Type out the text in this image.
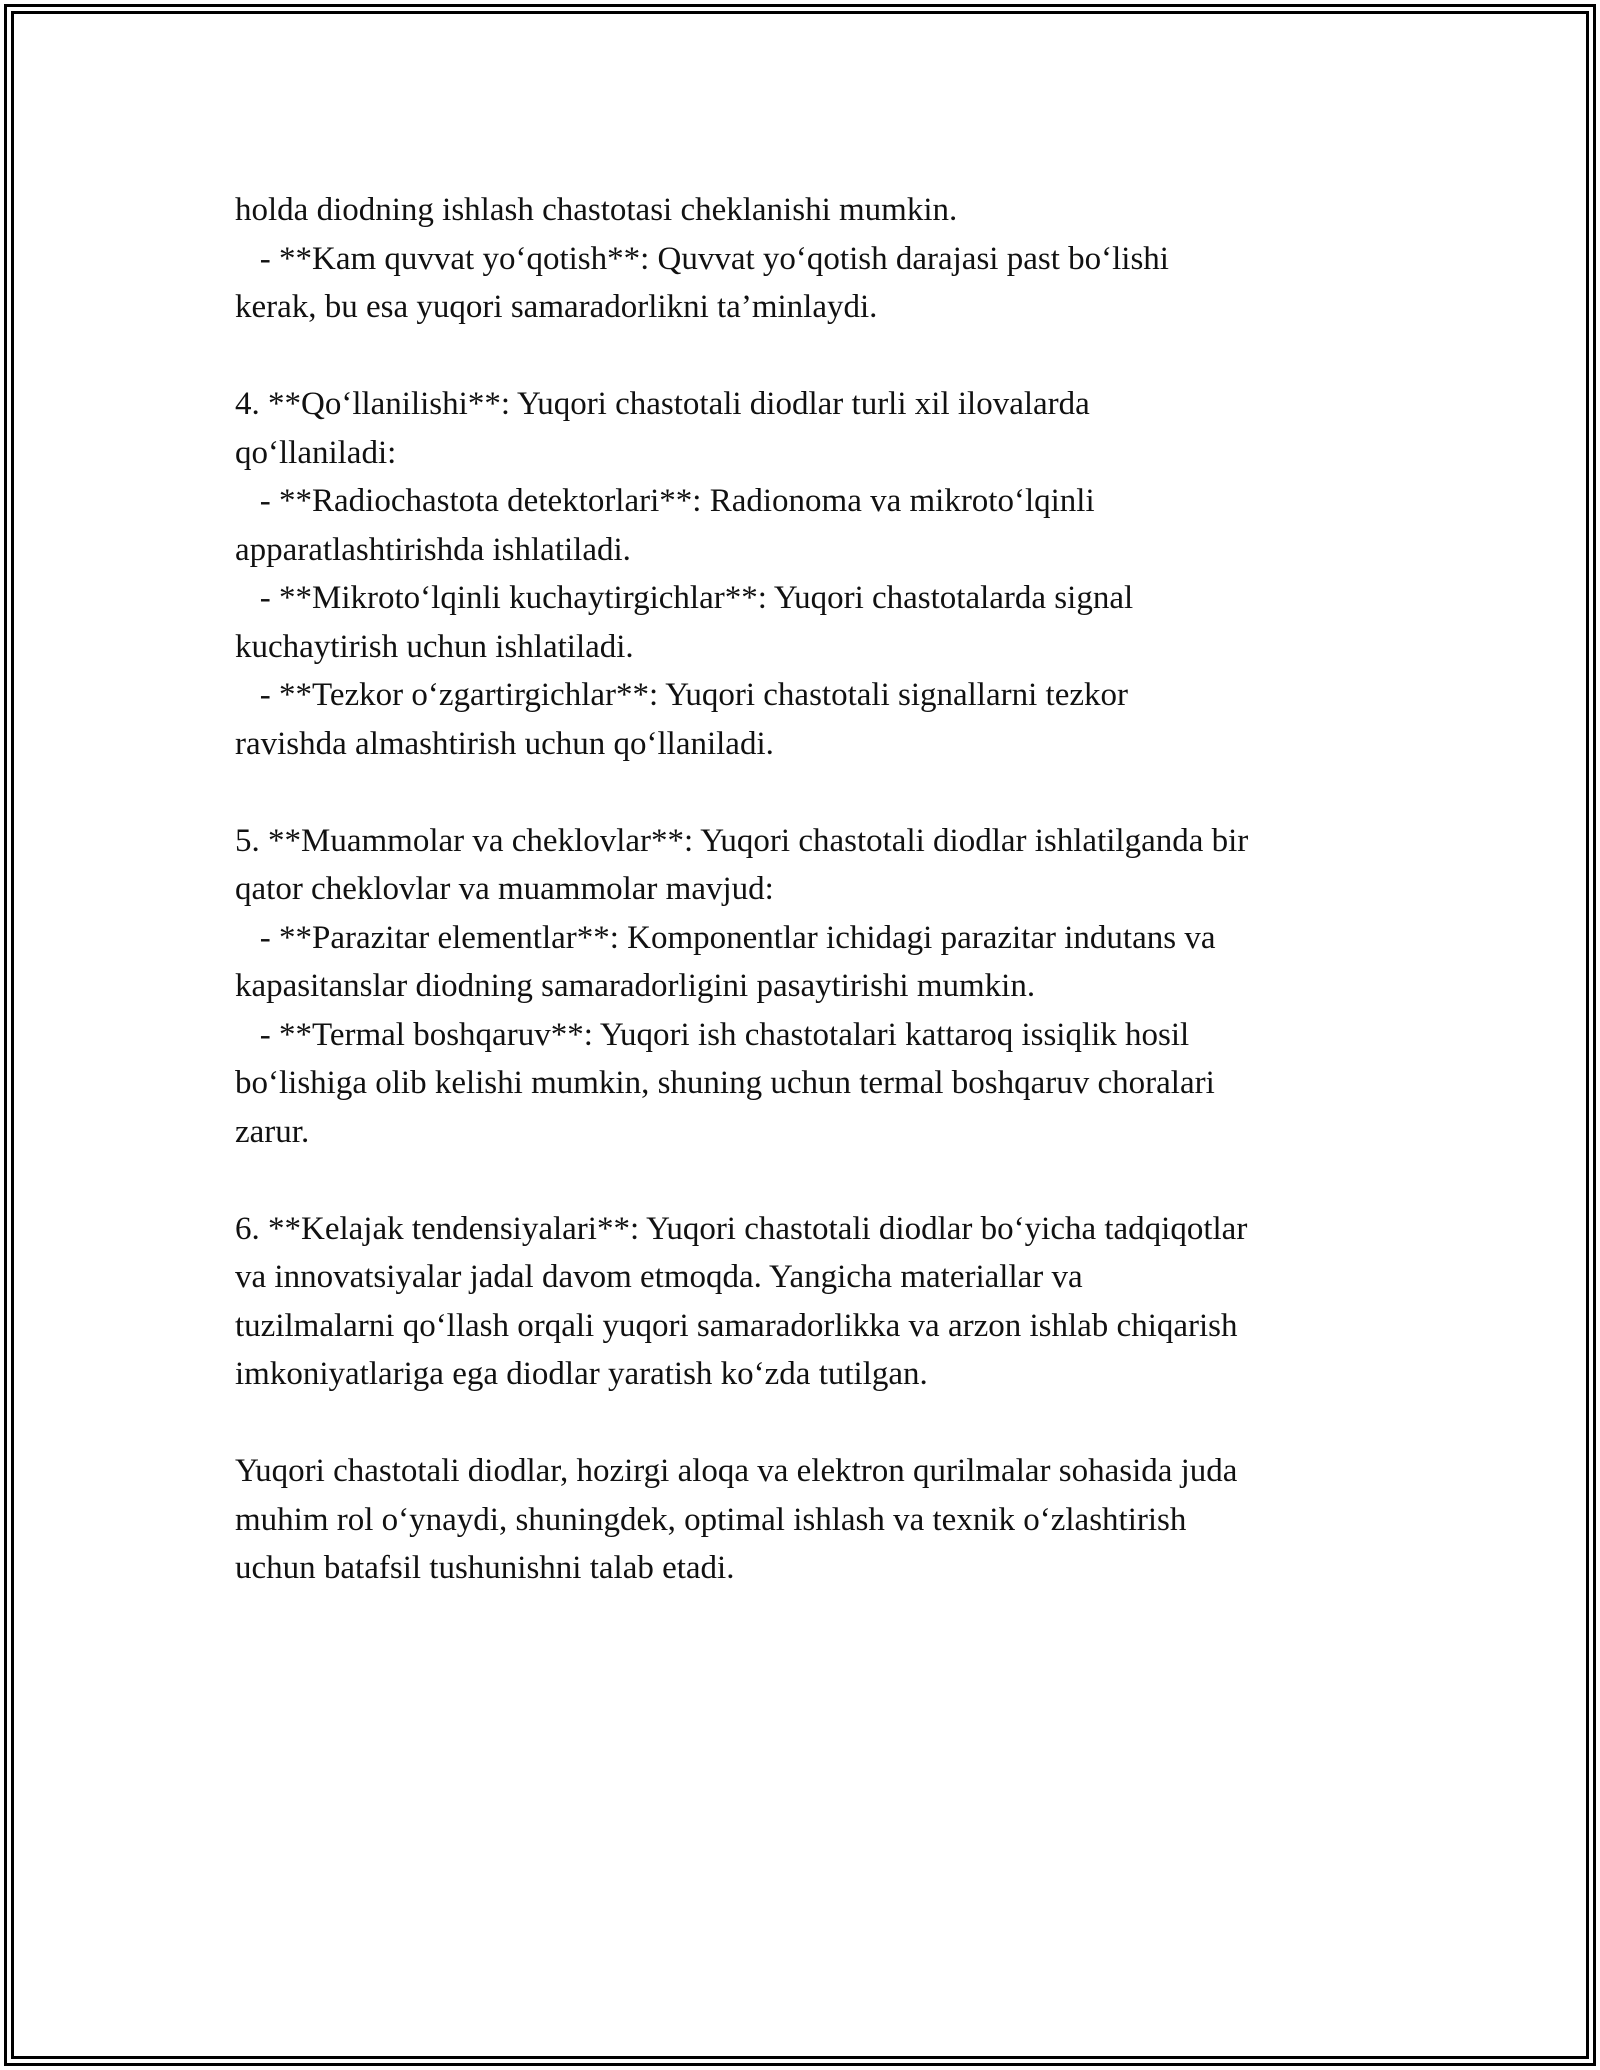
holda diodning ishlash chastotasi cheklanishi mumkin.
- **Kam quvvat yo‘qotish**: Quvvat yo‘qotish darajasi past bo‘lishi
kerak, bu esa yuqori samaradorlikni ta’minlaydi.

4. **Qo‘llanilishi**: Yuqori chastotali diodlar turli xil ilovalarda
qo‘llaniladi:
- **Radiochastota detektorlari**: Radionoma va mikroto‘lqinli
apparatlashtirishda ishlatiladi.
- **Mikroto‘lqinli kuchaytirgichlar**: Yuqori chastotalarda signal
kuchaytirish uchun ishlatiladi.
- **Tezkor o‘zgartirgichlar**: Yuqori chastotali signallarni tezkor
ravishda almashtirish uchun qo‘llaniladi.

5. **Muammolar va cheklovlar**: Yuqori chastotali diodlar ishlatilganda bir
qator cheklovlar va muammolar mavjud:
- **Parazitar elementlar**: Komponentlar ichidagi parazitar indutans va
kapasitanslar diodning samaradorligini pasaytirishi mumkin.
- **Termal boshqaruv**: Yuqori ish chastotalari kattaroq issiqlik hosil
bo‘lishiga olib kelishi mumkin, shuning uchun termal boshqaruv choralari
zarur.

6. **Kelajak tendensiyalari**: Yuqori chastotali diodlar bo‘yicha tadqiqotlar
va innovatsiyalar jadal davom etmoqda. Yangicha materiallar va
tuzilmalarni qo‘llash orqali yuqori samaradorlikka va arzon ishlab chiqarish
imkoniyatlariga ega diodlar yaratish ko‘zda tutilgan.

Yuqori chastotali diodlar, hozirgi aloqa va elektron qurilmalar sohasida juda
muhim rol o‘ynaydi, shuningdek, optimal ishlash va texnik o‘zlashtirish
uchun batafsil tushunishni talab etadi.
